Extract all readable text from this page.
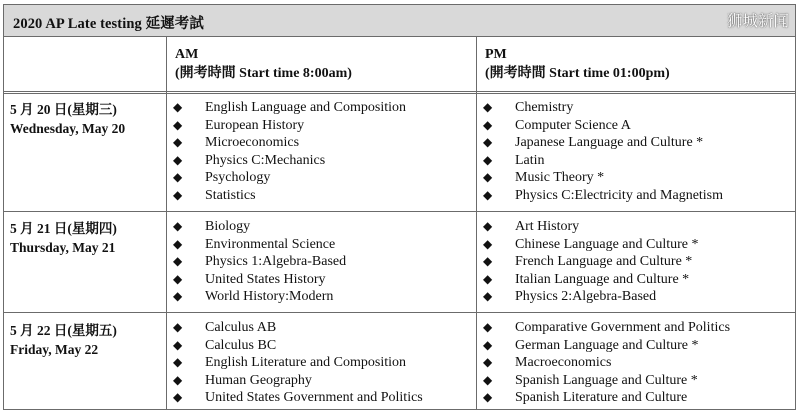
2020 AP Late testing 延遲考試	狮城新闻
AM
(開考時間 Start time 8:00am)
PM
(開考時間 Start time 01:00pm)
5 月 20 日(星期三)
Wednesday, May 20
◆ English Language and Composition
◆ European History
◆ Microeconomics
◆ Physics C:Mechanics
◆ Psychology
◆ Statistics
◆ Chemistry
◆ Computer Science A
◆ Japanese Language and Culture *
◆ Latin
◆ Music Theory *
◆ Physics C:Electricity and Magnetism
5 月 21 日(星期四)
Thursday, May 21
◆ Biology
◆ Environmental Science
◆ Physics 1:Algebra-Based
◆ United States History
◆ World History:Modern
◆ Art History
◆ Chinese Language and Culture *
◆ French Language and Culture *
◆ Italian Language and Culture *
◆ Physics 2:Algebra-Based
5 月 22 日(星期五)
Friday, May 22
◆ Calculus AB
◆ Calculus BC
◆ English Literature and Composition
◆ Human Geography
◆ United States Government and Politics
◆ Comparative Government and Politics
◆ German Language and Culture *
◆ Macroeconomics
◆ Spanish Language and Culture *
◆ Spanish Literature and Culture
